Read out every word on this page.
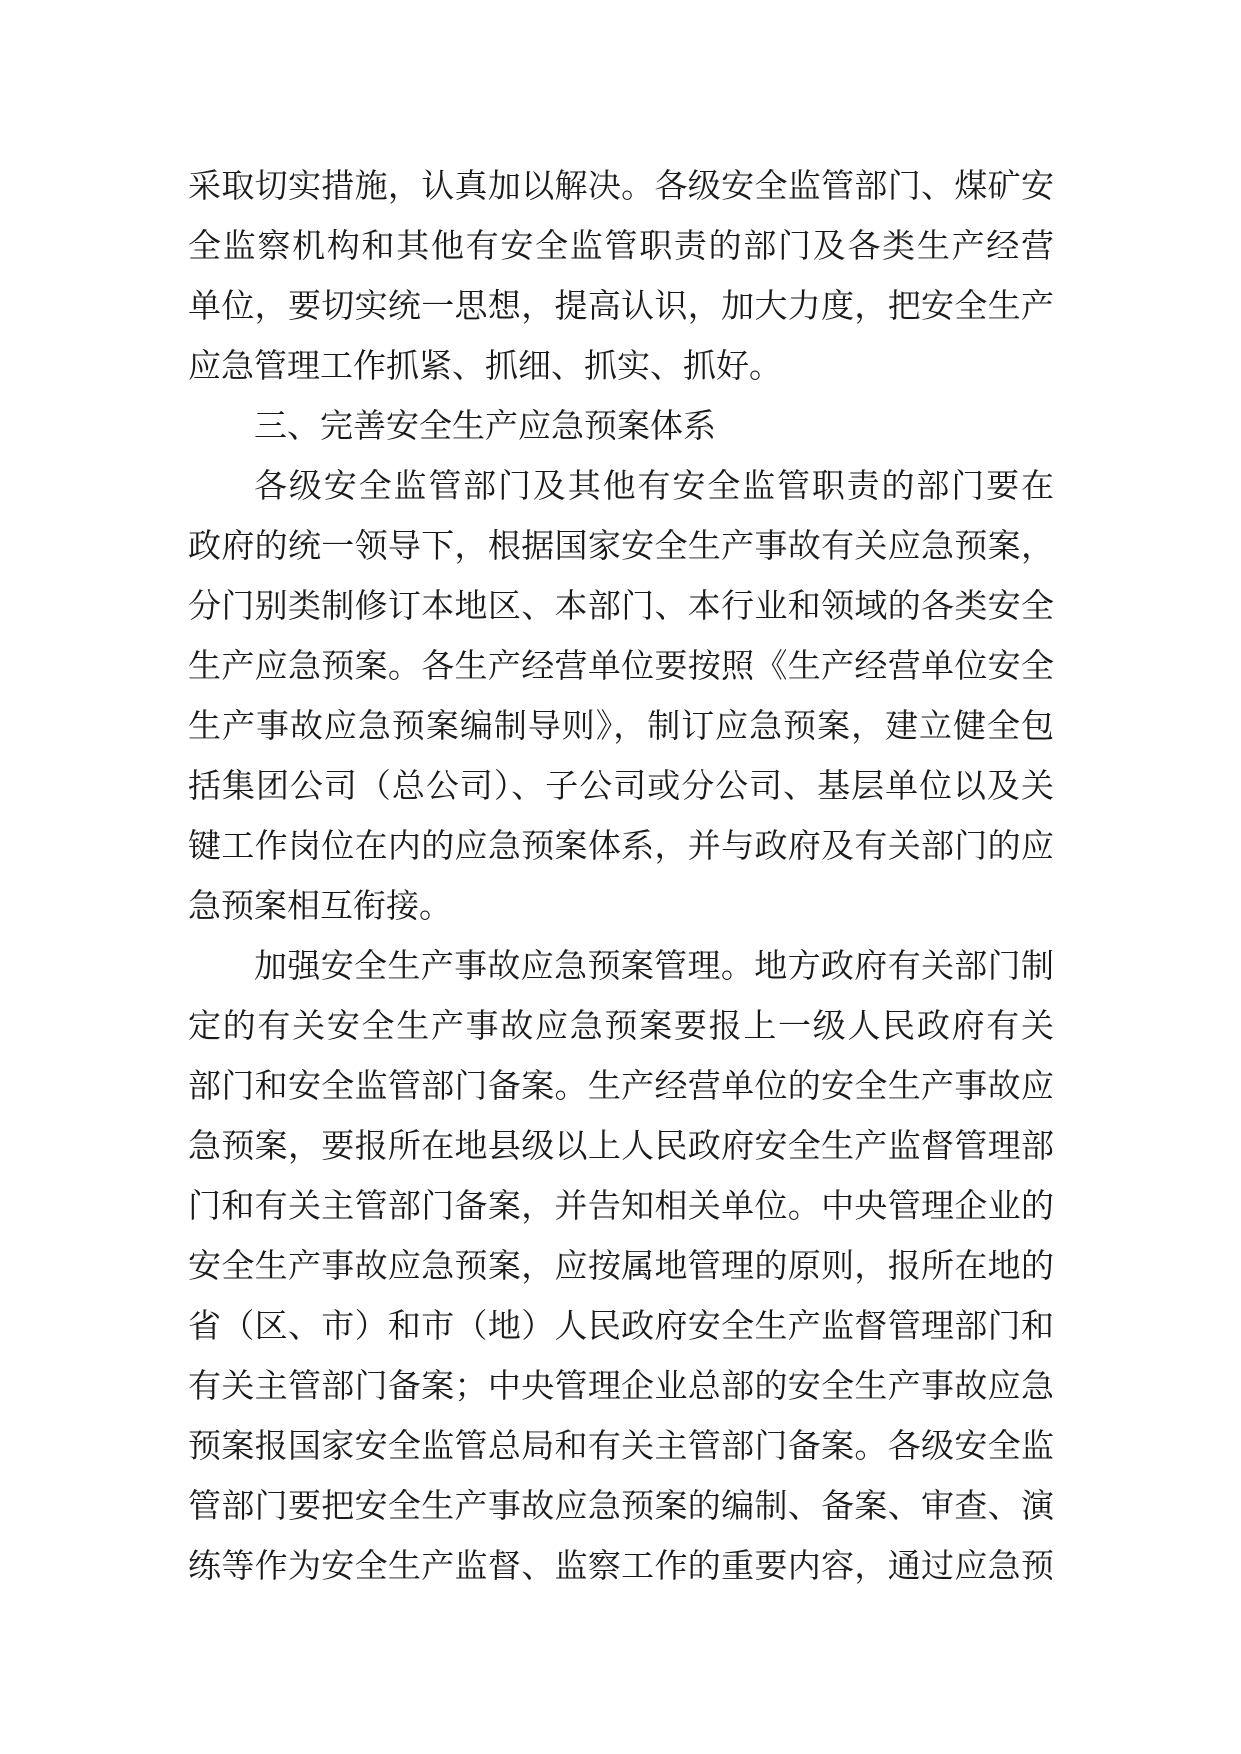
采取切实措施，认真加以解决。各级安全监管部门、煤矿安
全监察机构和其他有安全监管职责的部门及各类生产经营
单位，要切实统一思想，提高认识，加大力度，把安全生产
应急管理工作抓紧、抓细、抓实、抓好。
三、完善安全生产应急预案体系
各级安全监管部门及其他有安全监管职责的部门要在
政府的统一领导下，根据国家安全生产事故有关应急预案，
分门别类制修订本地区、本部门、本行业和领域的各类安全
生产应急预案。各生产经营单位要按照《生产经营单位安全
生产事故应急预案编制导则》，制订应急预案，建立健全包
括集团公司（总公司）、子公司或分公司、基层单位以及关
键工作岗位在内的应急预案体系，并与政府及有关部门的应
急预案相互衔接。
加强安全生产事故应急预案管理。地方政府有关部门制
定的有关安全生产事故应急预案要报上一级人民政府有关
部门和安全监管部门备案。生产经营单位的安全生产事故应
急预案，要报所在地县级以上人民政府安全生产监督管理部
门和有关主管部门备案，并告知相关单位。中央管理企业的
安全生产事故应急预案，应按属地管理的原则，报所在地的
省（区、市）和市（地）人民政府安全生产监督管理部门和
有关主管部门备案；中央管理企业总部的安全生产事故应急
预案报国家安全监管总局和有关主管部门备案。各级安全监
管部门要把安全生产事故应急预案的编制、备案、审查、演
练等作为安全生产监督、监察工作的重要内容，通过应急预
